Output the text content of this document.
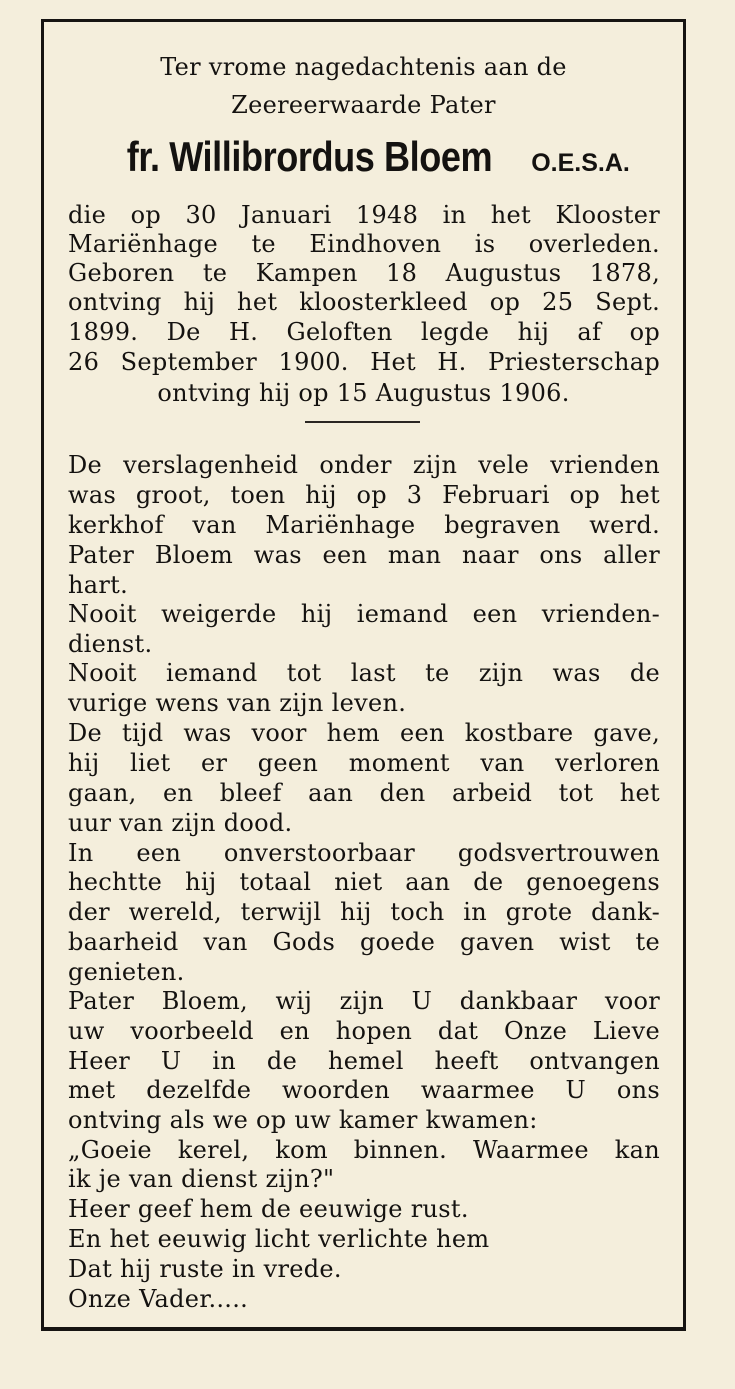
Ter vrome nagedachtenis aan de
Zeereerwaarde Pater
fr. Willibrordus Bloem O.E.S.A.
die op 30 Januari 1948 in het Klooster
Mariënhage te Eindhoven is overleden.
Geboren te Kampen 18 Augustus 1878,
ontving hij het kloosterkleed op 25 Sept.
1899. De H. Geloften legde hij af op
26 September 1900. Het H. Priesterschap
ontving hij op 15 Augustus 1906.
De verslagenheid onder zijn vele vrienden
was groot, toen hij op 3 Februari op het
kerkhof van Mariënhage begraven werd.
Pater Bloem was een man naar ons aller
hart.
Nooit weigerde hij iemand een vrienden-
dienst.
Nooit iemand tot last te zijn was de
vurige wens van zijn leven.
De tijd was voor hem een kostbare gave,
hij liet er geen moment van verloren
gaan, en bleef aan den arbeid tot het
uur van zijn dood.
In een onverstoorbaar godsvertrouwen
hechtte hij totaal niet aan de genoegens
der wereld, terwijl hij toch in grote dank-
baarheid van Gods goede gaven wist te
genieten.
Pater Bloem, wij zijn U dankbaar voor
uw voorbeeld en hopen dat Onze Lieve
Heer U in de hemel heeft ontvangen
met dezelfde woorden waarmee U ons
ontving als we op uw kamer kwamen:
„Goeie kerel, kom binnen. Waarmee kan
ik je van dienst zijn?"
Heer geef hem de eeuwige rust.
En het eeuwig licht verlichte hem
Dat hij ruste in vrede.
Onze Vader.....
